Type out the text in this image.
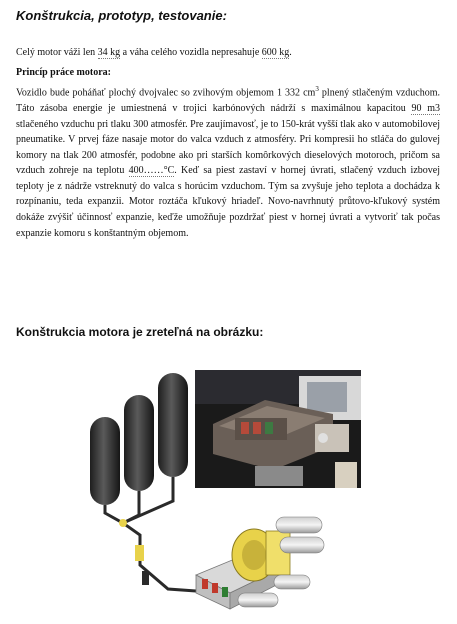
Konštrukcia, prototyp, testovanie:
Celý motor váži len 34 kg a váha celého vozidla nepresahuje 600 kg.
Princíp práce motora:
Vozidlo bude poháňať plochý dvojvalec so zvihovým objemom 1 332 $cm^3$ plnený stlačeným vzduchom. Táto zásoba energie je umiestnená v trojici karbónových nádrží s maximálnou kapacitou 90 m3 stlačeného vzduchu pri tlaku 300 atmosfér. Pre zaujímavosť, je to 150-krát vyšší tlak ako v automobilovej pneumatike. V prvej fáze nasaje motor do valca vzduch z atmosféry. Pri kompresii ho stláča do gulovej komory na tlak 200 atmosfér, podobne ako pri starších komôrkových dieselových motoroch, pričom sa vzduch zohreje na teplotu 400……°C. Keď sa piest zastaví v hornej úvrati, stlačený vzduch izbovej teploty je z nádrže vstreknutý do valca s horúcim vzduchom. Tým sa zvyšuje jeho teplota a dochádza k rozpínaniu, teda expanzii. Motor roztáča kľukový hriadeľ. Novo-navrhnutý průtovo-kľukový systém dokáže zvýšiť účinnosť expanzie, keďže umožňuje pozdržať piest v hornej úvrati a vytvoriť tak počas expanzie komoru s konštantným objemom.
Konštrukcia motora je zreteľná na obrázku:
